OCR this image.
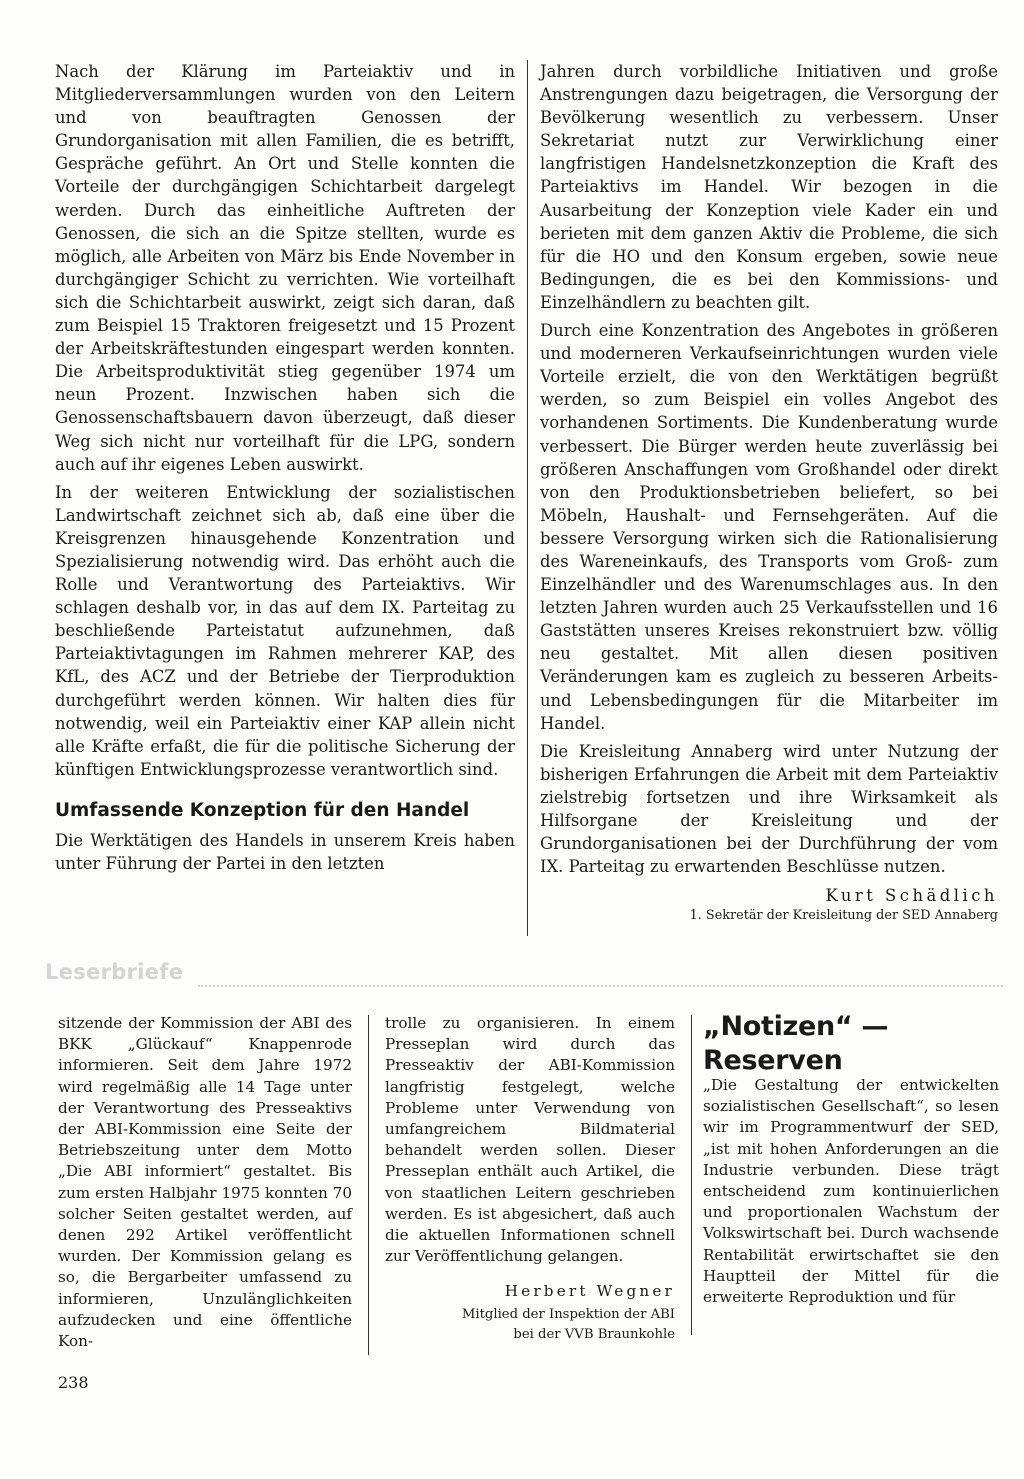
Nach der Klärung im Parteiaktiv und in Mitgliederversammlungen wurden von den Leitern und von beauftragten Genossen der Grundorganisation mit allen Familien, die es betrifft, Gespräche geführt. An Ort und Stelle konnten die Vorteile der durchgängigen Schichtarbeit dargelegt werden. Durch das einheitliche Auftreten der Genossen, die sich an die Spitze stellten, wurde es möglich, alle Arbeiten von März bis Ende November in durchgängiger Schicht zu verrichten. Wie vorteilhaft sich die Schichtarbeit auswirkt, zeigt sich daran, daß zum Beispiel 15 Traktoren freigesetzt und 15 Prozent der Arbeitskräftestunden eingespart werden konnten. Die Arbeitsproduktivität stieg gegenüber 1974 um neun Prozent. Inzwischen haben sich die Genossenschaftsbauern davon überzeugt, daß dieser Weg sich nicht nur vorteilhaft für die LPG, sondern auch auf ihr eigenes Leben auswirkt.

In der weiteren Entwicklung der sozialistischen Landwirtschaft zeichnet sich ab, daß eine über die Kreisgrenzen hinausgehende Konzentration und Spezialisierung notwendig wird. Das erhöht auch die Rolle und Verantwortung des Parteiaktivs. Wir schlagen deshalb vor, in das auf dem IX. Parteitag zu beschließende Parteistatut aufzunehmen, daß Parteiaktivtagungen im Rahmen mehrerer KAP, des KfL, des ACZ und der Betriebe der Tierproduktion durchgeführt werden können. Wir halten dies für notwendig, weil ein Parteiaktiv einer KAP allein nicht alle Kräfte erfaßt, die für die politische Sicherung der künftigen Entwicklungsprozesse verantwortlich sind.

Umfassende Konzeption für den Handel

Die Werktätigen des Handels in unserem Kreis haben unter Führung der Partei in den letzten

Jahren durch vorbildliche Initiativen und große Anstrengungen dazu beigetragen, die Versorgung der Bevölkerung wesentlich zu verbessern. Unser Sekretariat nutzt zur Verwirklichung einer langfristigen Handelsnetzkonzeption die Kraft des Parteiaktivs im Handel. Wir bezogen in die Ausarbeitung der Konzeption viele Kader ein und berieten mit dem ganzen Aktiv die Probleme, die sich für die HO und den Konsum ergeben, sowie neue Bedingungen, die es bei den Kommissions- und Einzelhändlern zu beachten gilt.

Durch eine Konzentration des Angebotes in größeren und moderneren Verkaufseinrichtungen wurden viele Vorteile erzielt, die von den Werktätigen begrüßt werden, so zum Beispiel ein volles Angebot des vorhandenen Sortiments. Die Kundenberatung wurde verbessert. Die Bürger werden heute zuverlässig bei größeren Anschaffungen vom Großhandel oder direkt von den Produktionsbetrieben beliefert, so bei Möbeln, Haushalt- und Fernsehgeräten. Auf die bessere Versorgung wirken sich die Rationalisierung des Wareneinkaufs, des Transports vom Groß- zum Einzelhändler und des Warenumschlages aus. In den letzten Jahren wurden auch 25 Verkaufsstellen und 16 Gaststätten unseres Kreises rekonstruiert bzw. völlig neu gestaltet. Mit allen diesen positiven Veränderungen kam es zugleich zu besseren Arbeits- und Lebensbedingungen für die Mitarbeiter im Handel.

Die Kreisleitung Annaberg wird unter Nutzung der bisherigen Erfahrungen die Arbeit mit dem Parteiaktiv zielstrebig fortsetzen und ihre Wirksamkeit als Hilfsorgane der Kreisleitung und der Grundorganisationen bei der Durchführung der vom IX. Parteitag zu erwartenden Beschlüsse nutzen.

Kurt Schädlich

1. Sekretär der Kreisleitung der SED Annaberg

Leserbriefe

sitzende der Kommission der ABI des BKK „Glückauf“ Knappenrode informieren. Seit dem Jahre 1972 wird regelmäßig alle 14 Tage unter der Verantwortung des Presseaktivs der ABI-Kommission eine Seite der Betriebszeitung unter dem Motto „Die ABI informiert“ gestaltet. Bis zum ersten Halbjahr 1975 konnten 70 solcher Seiten gestaltet werden, auf denen 292 Artikel veröffentlicht wurden. Der Kommission gelang es so, die Bergarbeiter umfassend zu informieren, Unzulänglichkeiten aufzudecken und eine öffentliche Kon-

trolle zu organisieren. In einem Presseplan wird durch das Presseaktiv der ABI-Kommission langfristig festgelegt, welche Probleme unter Verwendung von umfangreichem Bildmaterial behandelt werden sollen. Dieser Presseplan enthält auch Artikel, die von staatlichen Leitern geschrieben werden. Es ist abgesichert, daß auch die aktuellen Informationen schnell zur Veröffentlichung gelangen.

Herbert Wegner

Mitglied der Inspektion der ABI

bei der VVB Braunkohle

„Notizen“ — Reserven

„Die Gestaltung der entwickelten sozialistischen Gesellschaft“, so lesen wir im Programmentwurf der SED, „ist mit hohen Anforderungen an die Industrie verbunden. Diese trägt entscheidend zum kontinuierlichen und proportionalen Wachstum der Volkswirtschaft bei. Durch wachsende Rentabilität erwirtschaftet sie den Hauptteil der Mittel für die erweiterte Reproduktion und für

238
